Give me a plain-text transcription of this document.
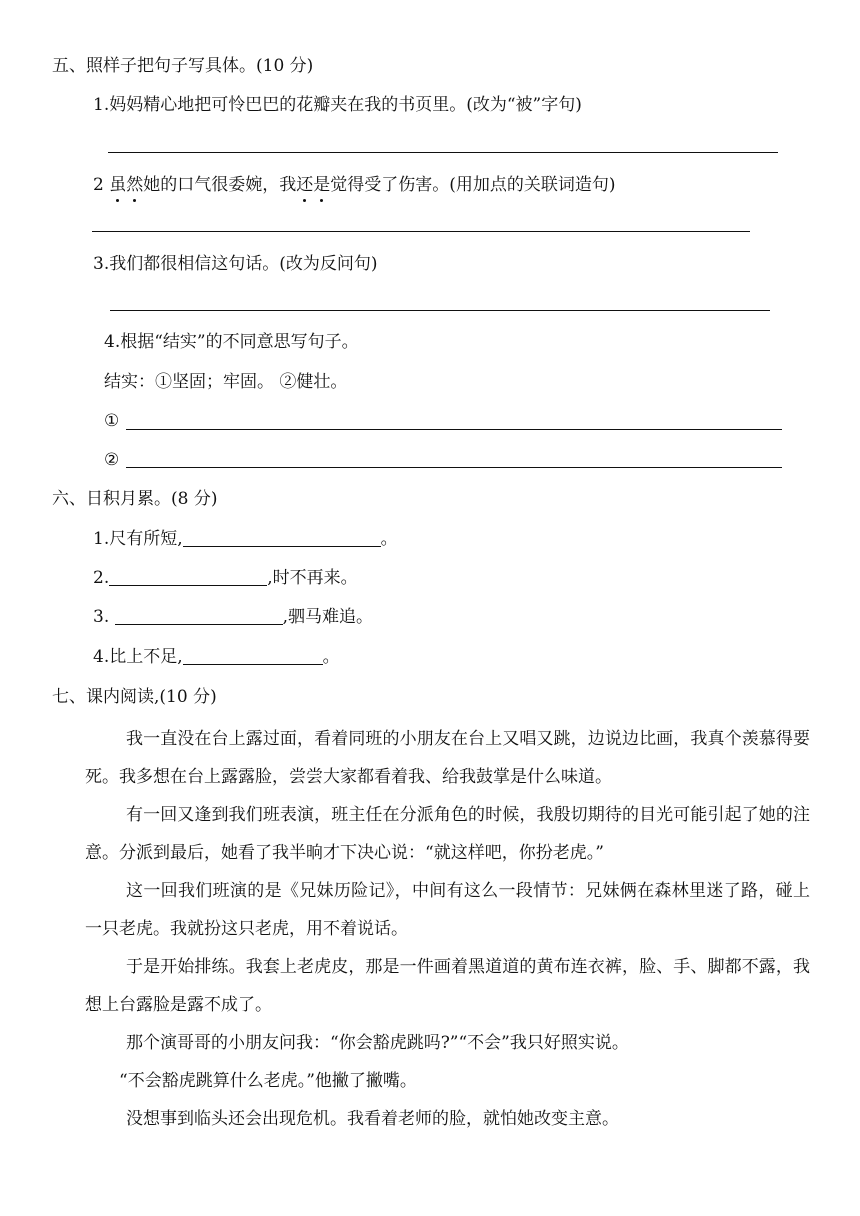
五、照样子把句子写具体。(10 分)
1.妈妈精心地把可怜巴巴的花瓣夹在我的书页里。(改为“被”字句)
2 虽然她的口气很委婉，我还是觉得受了伤害。(用加点的关联词造句)
3.我们都很相信这句话。(改为反问句)
4.根据“结实”的不同意思写句子。
结实：①坚固；牢固。 ②健壮。
①
②
六、日积月累。(8 分)
1.尺有所短,	。
2.	,时不再来。
3.	,驷马难追。
4.比上不足,	。
七、课内阅读,(10 分)
我一直没在台上露过面，看着同班的小朋友在台上又唱又跳，边说边比画，我真个羡慕得要死。我多想在台上露露脸，尝尝大家都看着我、给我鼓掌是什么味道。
有一回又逢到我们班表演，班主任在分派角色的时候，我殷切期待的目光可能引起了她的注意。分派到最后，她看了我半晌才下决心说：“就这样吧，你扮老虎。”
这一回我们班演的是《兄妹历险记》，中间有这么一段情节：兄妹俩在森林里迷了路，碰上一只老虎。我就扮这只老虎，用不着说话。
于是开始排练。我套上老虎皮，那是一件画着黑道道的黄布连衣裤，脸、手、脚都不露，我想上台露脸是露不成了。
那个演哥哥的小朋友问我：“你会豁虎跳吗?”“不会”我只好照实说。
“不会豁虎跳算什么老虎。”他撇了撇嘴。
没想事到临头还会出现危机。我看着老师的脸，就怕她改变主意。
